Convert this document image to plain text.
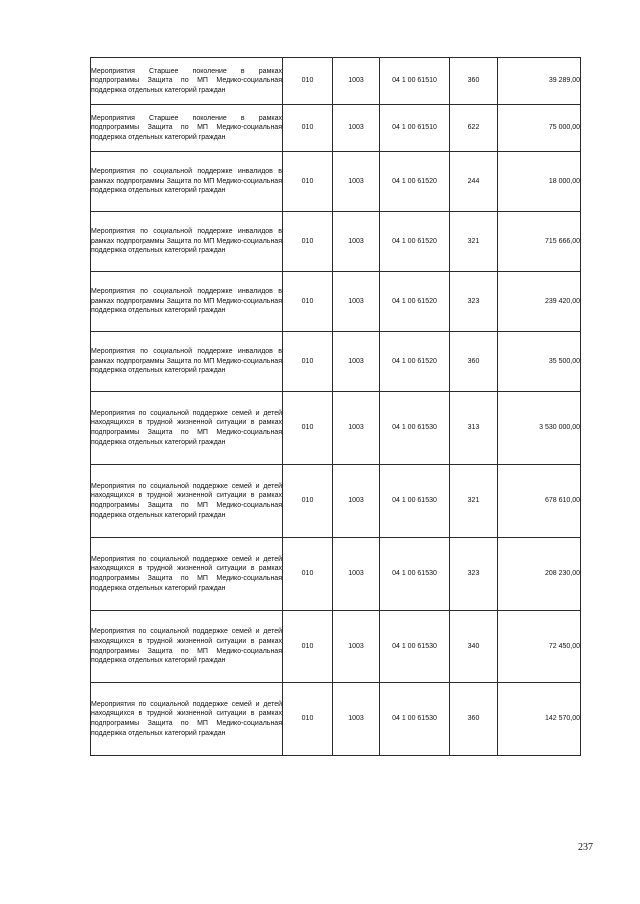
Мероприятия Старшее поколение в рамках подпрограммы Защита по МП Медико-социальная поддержка отдельных категорий граждан	010	1003	04 1 00 61510	360	39 289,00
Мероприятия Старшее поколение в рамках подпрограммы Защита по МП Медико-социальная поддержка отдельных категорий граждан	010	1003	04 1 00 61510	622	75 000,00
Мероприятия по социальной поддержке инвалидов в рамках подпрограммы Защита по МП Медико-социальная поддержка отдельных категорий граждан	010	1003	04 1 00 61520	244	18 000,00
Мероприятия по социальной поддержке инвалидов в рамках подпрограммы Защита по МП Медико-социальная поддержка отдельных категорий граждан	010	1003	04 1 00 61520	321	715 666,00
Мероприятия по социальной поддержке инвалидов в рамках подпрограммы Защита по МП Медико-социальная поддержка отдельных категорий граждан	010	1003	04 1 00 61520	323	239 420,00
Мероприятия по социальной поддержке инвалидов в рамках подпрограммы Защита по МП Медико-социальная поддержка отдельных категорий граждан	010	1003	04 1 00 61520	360	35 500,00
Мероприятия по социальной поддержке семей и детей находящихся в трудной жизненной ситуации в рамках подпрограммы Защита по МП Медико-социальная поддержка отдельных категорий граждан	010	1003	04 1 00 61530	313	3 530 000,00
Мероприятия по социальной поддержке семей и детей находящихся в трудной жизненной ситуации в рамках подпрограммы Защита по МП Медико-социальная поддержка отдельных категорий граждан	010	1003	04 1 00 61530	321	678 610,00
Мероприятия по социальной поддержке семей и детей находящихся в трудной жизненной ситуации в рамках подпрограммы Защита по МП Медико-социальная поддержка отдельных категорий граждан	010	1003	04 1 00 61530	323	208 230,00
Мероприятия по социальной поддержке семей и детей находящихся в трудной жизненной ситуации в рамках подпрограммы Защита по МП Медико-социальная поддержка отдельных категорий граждан	010	1003	04 1 00 61530	340	72 450,00
Мероприятия по социальной поддержке семей и детей находящихся в трудной жизненной ситуации в рамках подпрограммы Защита по МП Медико-социальная поддержка отдельных категорий граждан	010	1003	04 1 00 61530	360	142 570,00
237
